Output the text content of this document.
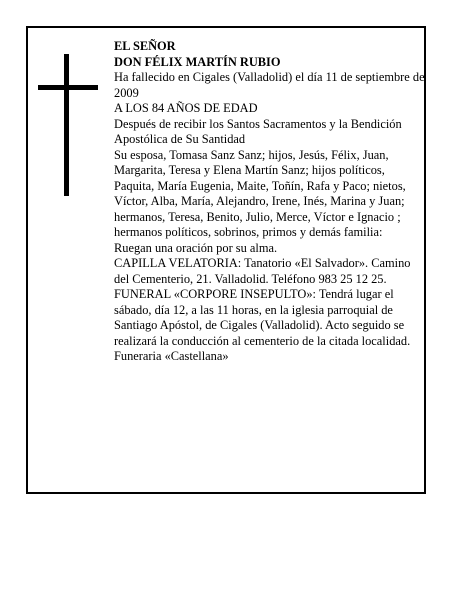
EL SEÑOR

DON FÉLIX MARTÍN RUBIO

Ha fallecido en Cigales (Valladolid) el día 11 de septiembre de 2009

A LOS 84 AÑOS DE EDAD

Después de recibir los Santos Sacramentos y la Bendición Apostólica de Su Santidad

Su esposa, Tomasa Sanz Sanz; hijos, Jesús, Félix, Juan, Margarita, Teresa y Elena Martín Sanz; hijos políticos, Paquita, María Eugenia, Maite, Toñín, Rafa y Paco; nietos, Víctor, Alba, María, Alejandro, Irene, Inés, Marina y Juan; hermanos, Teresa, Benito, Julio, Merce, Víctor e Ignacio ; hermanos políticos, sobrinos, primos y demás familia:

Ruegan una oración por su alma.

CAPILLA VELATORIA: Tanatorio «El Salvador». Camino del Cementerio, 21. Valladolid. Teléfono 983 25 12 25.

FUNERAL «CORPORE INSEPULTO»: Tendrá lugar el sábado, día 12, a las 11 horas, en la iglesia parroquial de Santiago Apóstol, de Cigales (Valladolid). Acto seguido se realizará la conducción al cementerio de la citada localidad.

Funeraria «Castellana»
